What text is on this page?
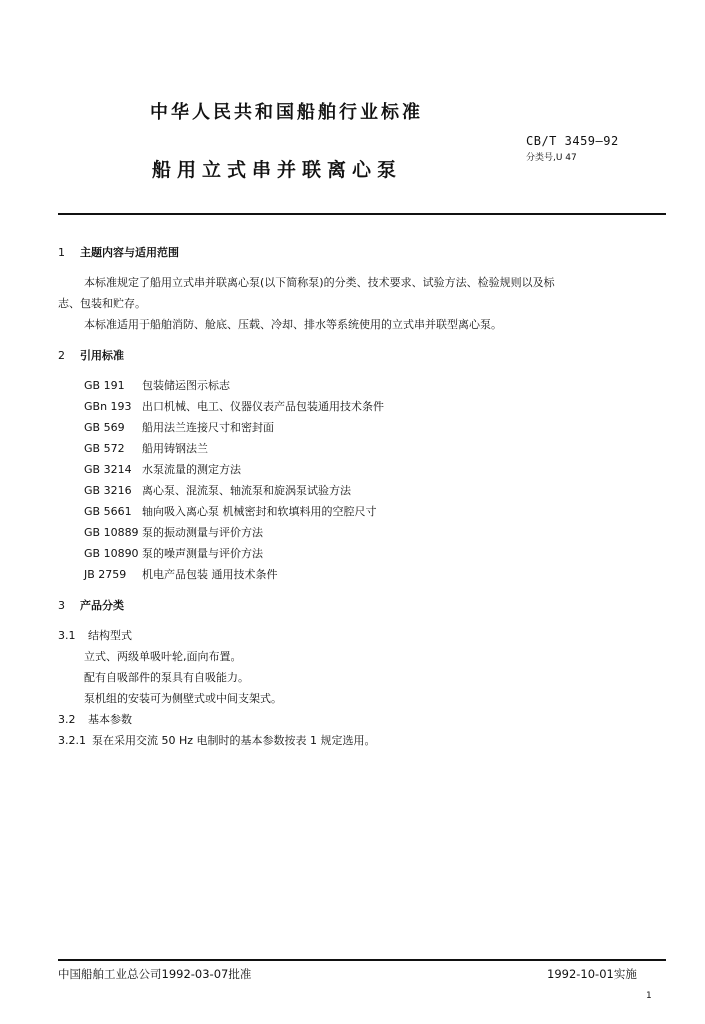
中华人民共和国船舶行业标准
CB/T 3459—92
分类号,U 47
船用立式串并联离心泵
1 主题内容与适用范围
本标准规定了船用立式串并联离心泵(以下简称泵)的分类、技术要求、试验方法、检验规则以及标
志、包装和贮存。
本标准适用于船舶消防、舱底、压载、冷却、排水等系统使用的立式串并联型离心泵。
2 引用标准
GB 191 包装储运图示标志
GBn 193 出口机械、电工、仪器仪表产品包装通用技术条件
GB 569 船用法兰连接尺寸和密封面
GB 572 船用铸钢法兰
GB 3214 水泵流量的测定方法
GB 3216 离心泵、混流泵、轴流泵和旋涡泵试验方法
GB 5661 轴向吸入离心泵 机械密封和软填料用的空腔尺寸
GB 10889 泵的振动测量与评价方法
GB 10890 泵的噪声测量与评价方法
JB 2759 机电产品包装 通用技术条件
3 产品分类
3.1 结构型式
立式、两级单吸叶轮,面向布置。
配有自吸部件的泵具有自吸能力。
泵机组的安装可为侧壁式或中间支架式。
3.2 基本参数
3.2.1 泵在采用交流 50 Hz 电制时的基本参数按表 1 规定选用。
中国船舶工业总公司1992-03-07批准	1992-10-01实施
1
